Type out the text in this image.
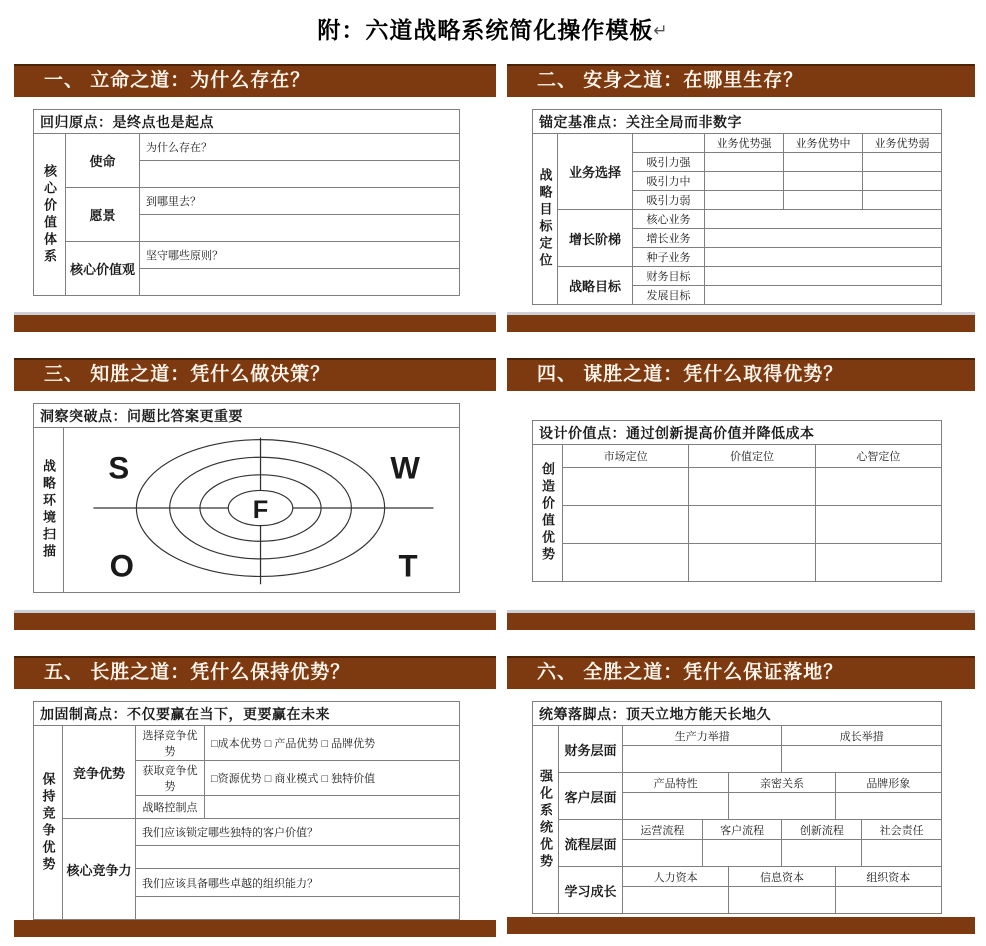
附：六道战略系统简化操作模板↵
一、 立命之道：为什么存在？
回归原点：是终点也是起点		
核心价值体系	使命	为什么存在？

	愿景	到哪里去？

	核心价值观	坚守哪些原则？

二、 安身之道：在哪里生存？
锚定基准点：关注全局而非数字					
战略目标定位	业务选择		业务优势强	业务优势中	业务优势弱
		吸引力强			
		吸引力中			
		吸引力弱			
	增长阶梯	核心业务			
		增长业务			
		种子业务			
	战略目标	财务目标			
		发展目标			
三、 知胜之道：凭什么做决策？
洞察突破点：问题比答案更重要
战略环境扫描	S	W
O	T
F
四、 谋胜之道：凭什么取得优势？
设计价值点：通过创新提高价值并降低成本			
创造价值优势	市场定位	价值定位	心智定位

五、 长胜之道：凭什么保持优势？
加固制高点：不仅要赢在当下，更要赢在未来			
保持竞争优势	竞争优势	选择竞争优势	□成本优势 □ 产品优势 □ 品牌优势
		获取竞争优势	□资源优势 □ 商业模式 □ 独特价值
		战略控制点	
	核心竞争力	我们应该锁定哪些独特的客户价值？	

		我们应该具备哪些卓越的组织能力？	

六、 全胜之道：凭什么保证落地？
统筹落脚点：顶天立地方能天长地久							
强化系统优势	财务层面	生产力举措			成长举措		

	客户层面	产品特性		亲密关系		品牌形象	

	流程层面	运营流程	客户流程		创新流程		社会责任

	学习成长	人力资本		信息资本		组织资本	
